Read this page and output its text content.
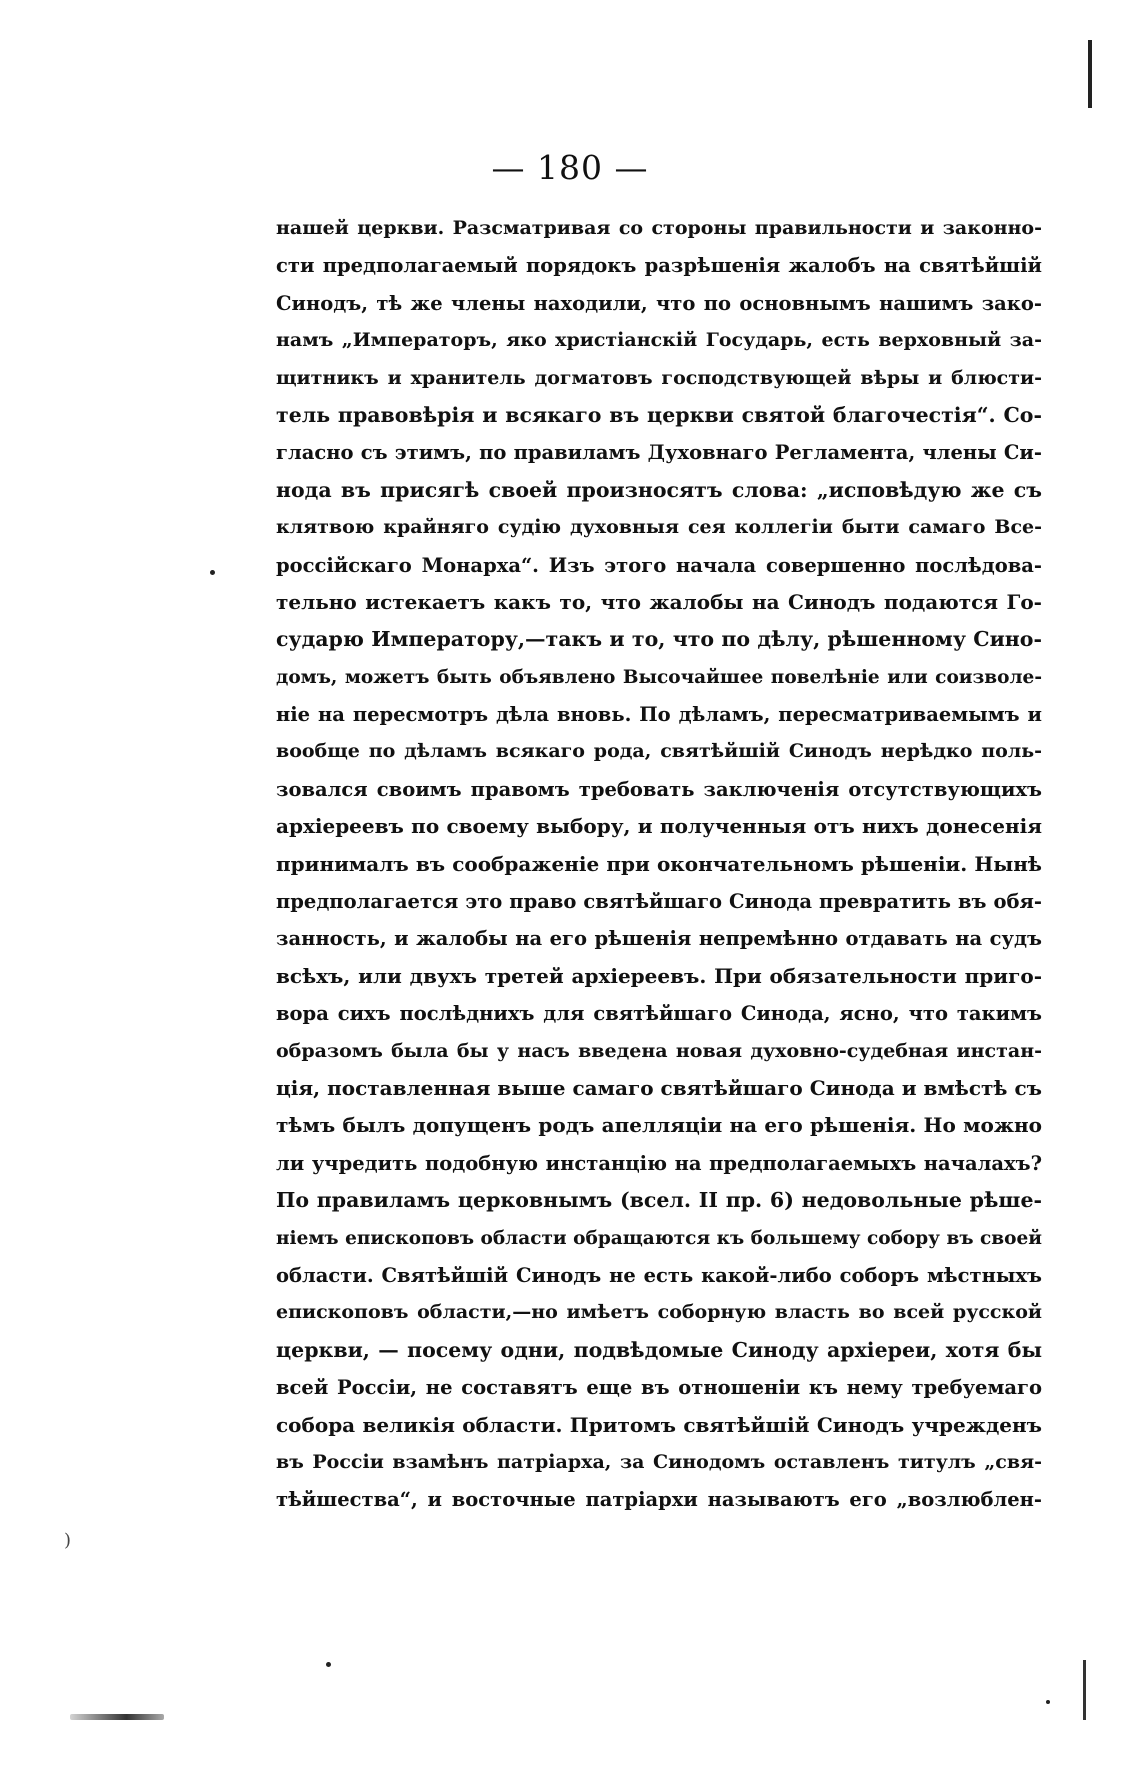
)
— 180 —
нашей церкви. Разсматривая со стороны правильности и законно-
сти предполагаемый порядокъ разрѣшенія жалобъ на святѣйшій
Синодъ, тѣ же члены находили, что по основнымъ нашимъ зако-
намъ „Императоръ, яко христіанскій Государь, есть верховный за-
щитникъ и хранитель догматовъ господствующей вѣры и блюсти-
тель правовѣрія и всякаго въ церкви святой благочестія“. Со-
гласно съ этимъ, по правиламъ Духовнаго Регламента, члены Си-
нода въ присягѣ своей произносятъ слова: „исповѣдую же съ
клятвою крайняго судію духовныя сея коллегіи быти самаго Все-
россійскаго Монарха“. Изъ этого начала совершенно послѣдова-
тельно истекаетъ какъ то, что жалобы на Синодъ подаются Го-
сударю Императору,—такъ и то, что по дѣлу, рѣшенному Сино-
домъ, можетъ быть объявлено Высочайшее повелѣніе или соизволе-
ніе на пересмотръ дѣла вновь. По дѣламъ, пересматриваемымъ и
вообще по дѣламъ всякаго рода, святѣйшій Синодъ нерѣдко поль-
зовался своимъ правомъ требовать заключенія отсутствующихъ
архіереевъ по своему выбору, и полученныя отъ нихъ донесенія
принималъ въ соображеніе при окончательномъ рѣшеніи. Нынѣ
предполагается это право святѣйшаго Синода превратить въ обя-
занность, и жалобы на его рѣшенія непремѣнно отдавать на судъ
всѣхъ, или двухъ третей архіереевъ. При обязательности приго-
вора сихъ послѣднихъ для святѣйшаго Синода, ясно, что такимъ
образомъ была бы у насъ введена новая духовно-судебная инстан-
ція, поставленная выше самаго святѣйшаго Синода и вмѣстѣ съ
тѣмъ былъ допущенъ родъ апелляціи на его рѣшенія. Но можно
ли учредить подобную инстанцію на предполагаемыхъ началахъ?
По правиламъ церковнымъ (всел. II пр. 6) недовольные рѣше-
ніемъ епископовъ области обращаются къ большему собору въ своей
области. Святѣйшій Синодъ не есть какой-либо соборъ мѣстныхъ
епископовъ области,—но имѣетъ соборную власть во всей русской
церкви, — посему одни, подвѣдомые Синоду архіереи, хотя бы
всей Россіи, не составятъ еще въ отношеніи къ нему требуемаго
собора великія области. Притомъ святѣйшій Синодъ учрежденъ
въ Россіи взамѣнъ патріарха, за Синодомъ оставленъ титулъ „свя-
тѣйшества“, и восточные патріархи называютъ его „возлюблен-
